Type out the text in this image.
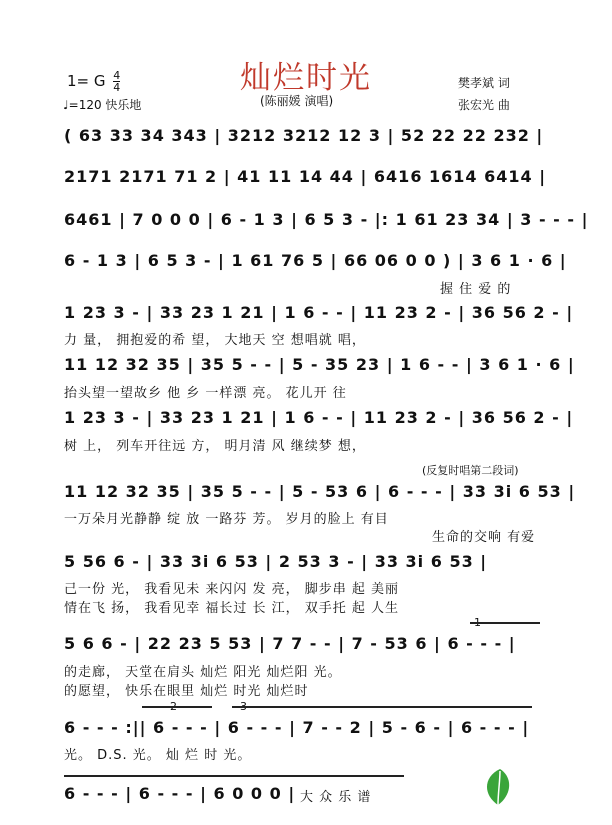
灿烂时光
1= G $\frac{4}{4}$
♩=120 快乐地	(陈丽媛 演唱)
樊孝斌 词
张宏光 曲
( 63 33 34 343 | 3212 3212 12 3 | 52 22 22 232 |
2171 2171 71 2 | 41 11 14 44 | 6416 1614 6414 |
6461 | 7 0 0 0 | 6 - 1 3 | 6 5 3 - |: 1 61 23 34 | 3 - - - |
6 - 1 3 | 6 5 3 - | 1 61 76 5 | 66 06 0 0 ) | 3 6 1 · 6 |
握 住 爱 的
1 23 3 - | 33 23 1 21 | 1 6 - - | 11 23 2 - | 36 56 2 - |
力 量， 拥抱爱的希 望， 大地天 空 想唱就 唱，
11 12 32 35 | 35 5 - - | 5 - 35 23 | 1 6 - - | 3 6 1 · 6 |
抬头望一望故乡 他 乡 一样漂 亮。 花儿开 往
1 23 3 - | 33 23 1 21 | 1 6 - - | 11 23 2 - | 36 56 2 - |
树 上， 列车开往远 方， 明月清 风 继续梦 想，
(反复时唱第二段词)
11 12 32 35 | 35 5 - - | 5 - 53 6 | 6 - - - | 33 3i 6 53 |
一万朵月光静静 绽 放 一路芬 芳。 岁月的脸上 有目
生命的交响 有爱
5 56 6 - | 33 3i 6 53 | 2 53 3 - | 33 3i 6 53 |
己一份 光， 我看见未 来闪闪 发 亮， 脚步串 起 美丽
情在飞 扬， 我看见幸 福长过 长 江， 双手托 起 人生
5 6 6 - | 22 23 5 53 | 7 7 - - | 7 - 53 6 | 6 - - - |
的走廊， 天堂在肩头 灿烂 阳光 灿烂阳 光。
的愿望， 快乐在眼里 灿烂 时光 灿烂时
6 - - - :|| 6 - - - | 6 - - - | 7 - - 2 | 5 - 6 - | 6 - - - |
光。 D.S. 光。 灿 烂 时 光。
6 - - - | 6 - - - | 6 0 0 0 | 大 众 乐 谱
